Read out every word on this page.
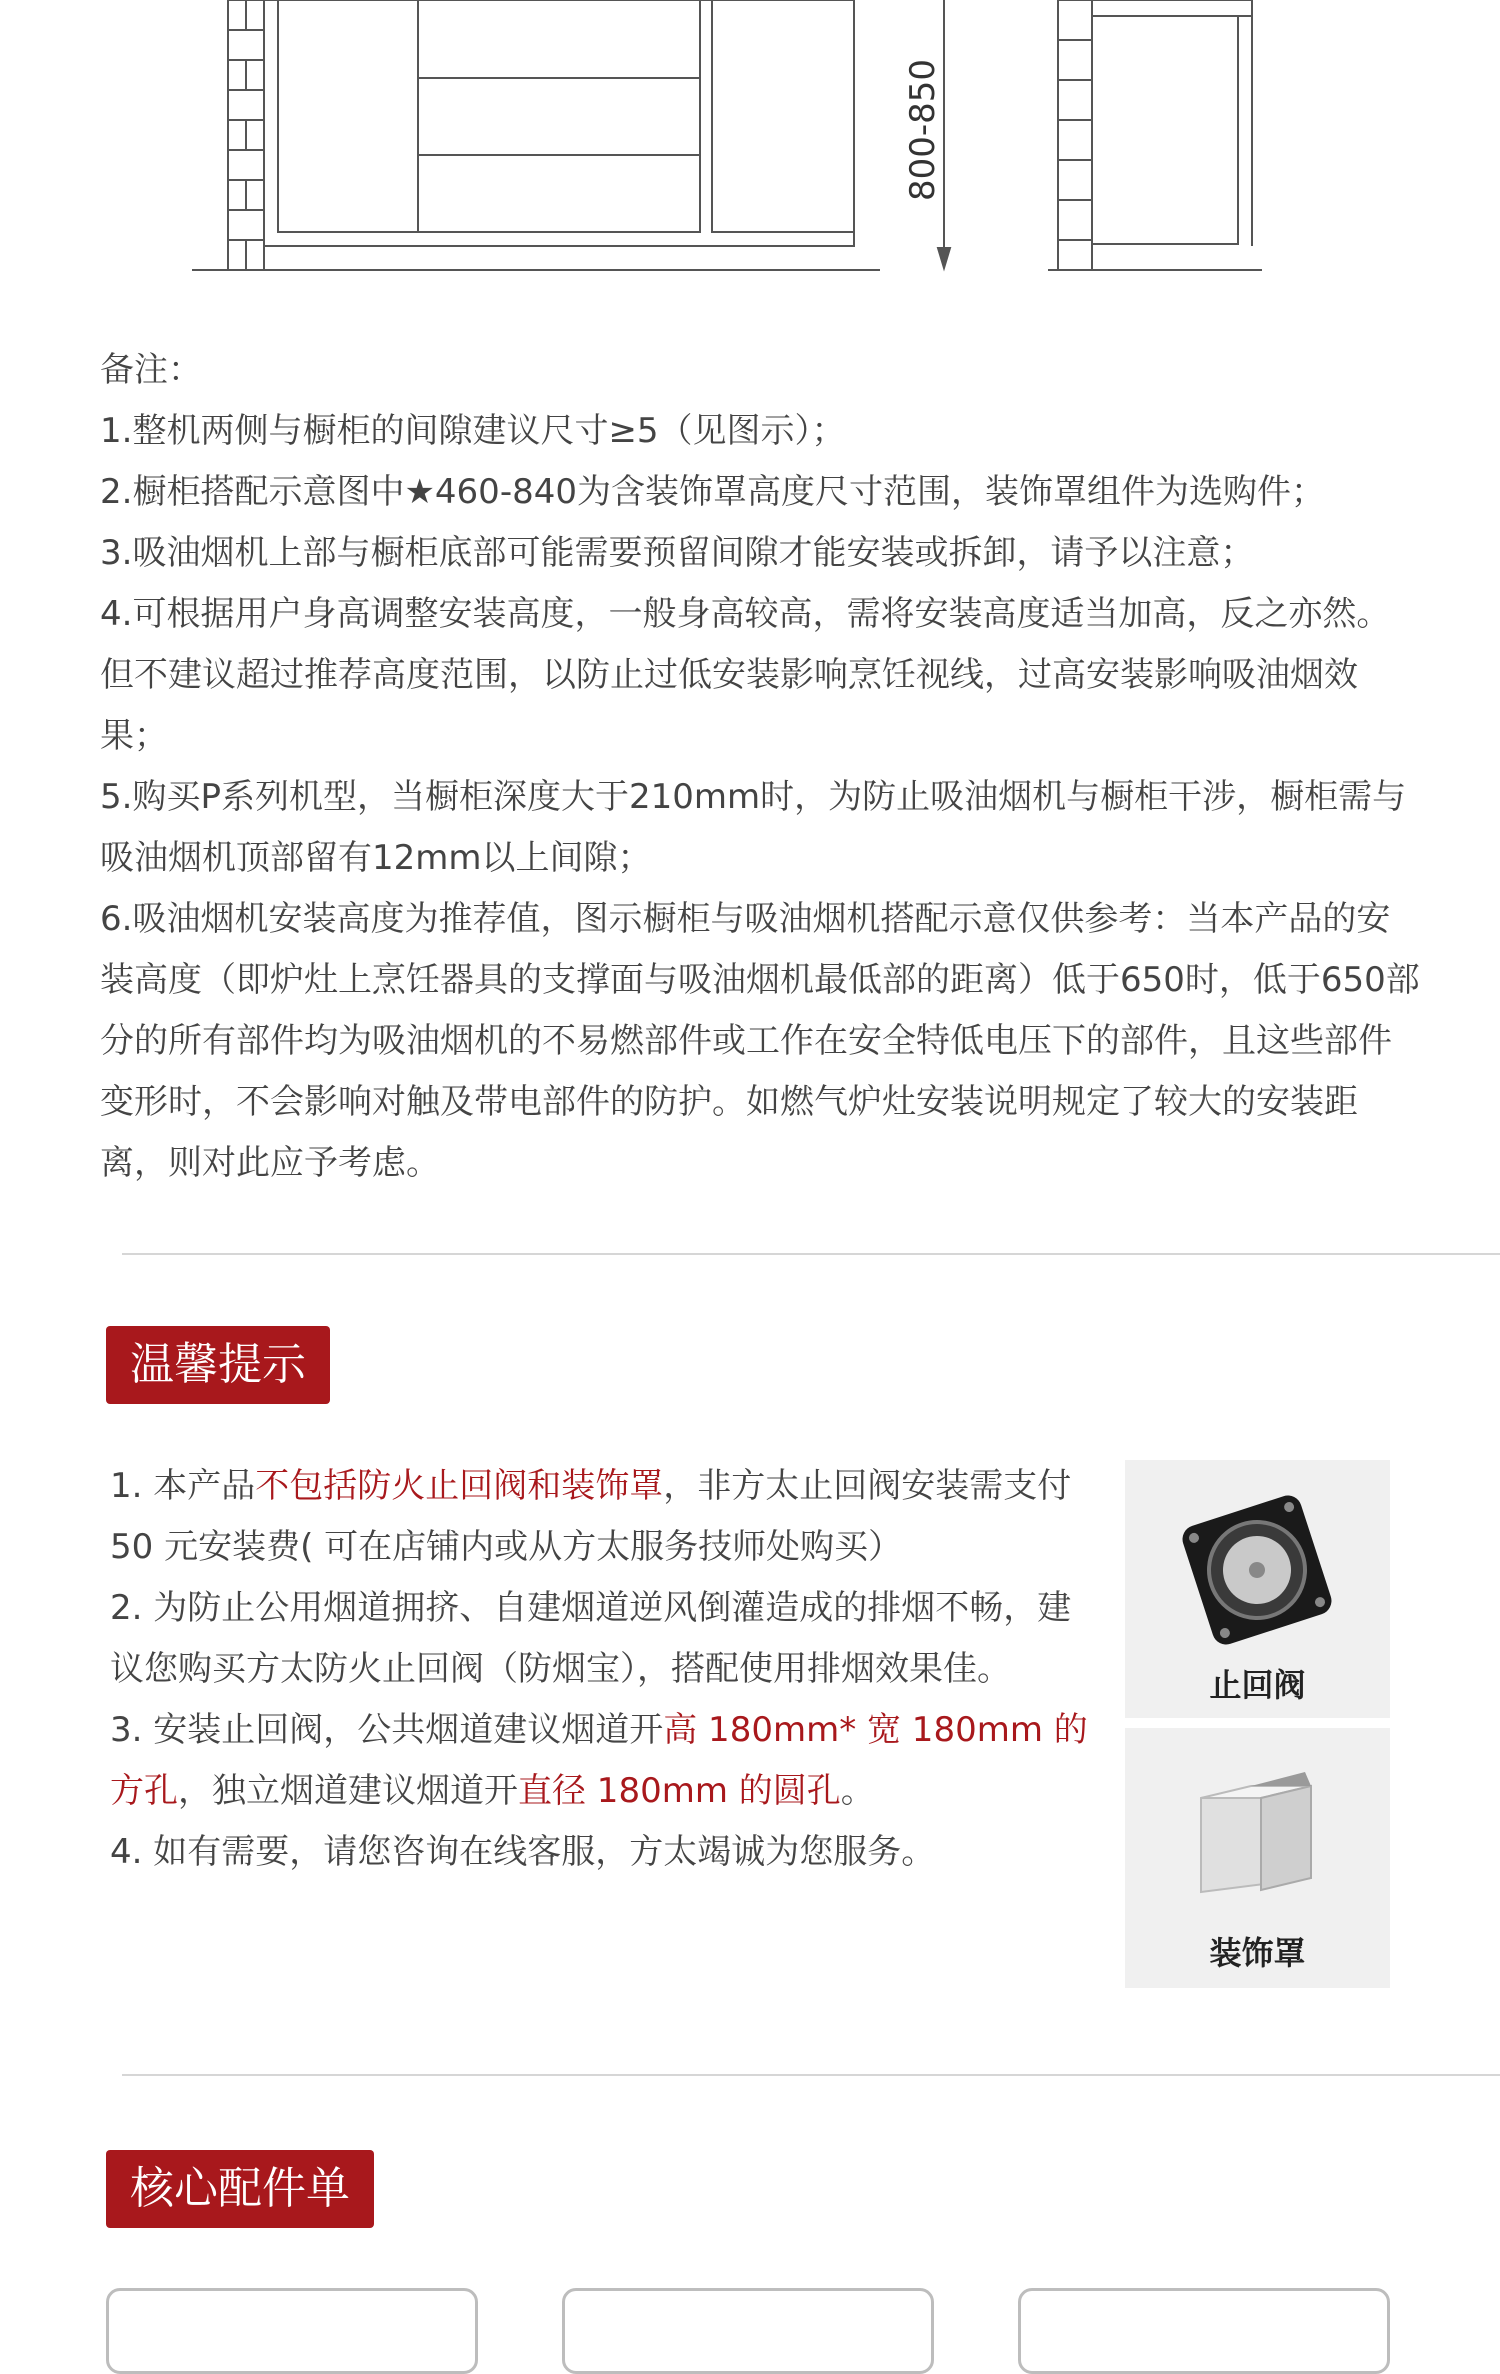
800-850

备注：

1.整机两侧与橱柜的间隙建议尺寸≥5（见图示）；

2.橱柜搭配示意图中★460-840为含装饰罩高度尺寸范围，装饰罩组件为选购件；

3.吸油烟机上部与橱柜底部可能需要预留间隙才能安装或拆卸，请予以注意；

4.可根据用户身高调整安装高度，一般身高较高，需将安装高度适当加高，反之亦然。但不建议超过推荐高度范围，以防止过低安装影响烹饪视线，过高安装影响吸油烟效果；

5.购买P系列机型，当橱柜深度大于210mm时，为防止吸油烟机与橱柜干涉，橱柜需与吸油烟机顶部留有12mm以上间隙；

6.吸油烟机安装高度为推荐值，图示橱柜与吸油烟机搭配示意仅供参考：当本产品的安装高度（即炉灶上烹饪器具的支撑面与吸油烟机最低部的距离）低于650时，低于650部分的所有部件均为吸油烟机的不易燃部件或工作在安全特低电压下的部件，且这些部件变形时，不会影响对触及带电部件的防护。如燃气炉灶安装说明规定了较大的安装距离，则对此应予考虑。

温馨提示

1. 本产品不包括防火止回阀和装饰罩，非方太止回阀安装需支付 50 元安装费( 可在店铺内或从方太服务技师处购买）

2. 为防止公用烟道拥挤、自建烟道逆风倒灌造成的排烟不畅，建议您购买方太防火止回阀（防烟宝），搭配使用排烟效果佳。

3. 安装止回阀，公共烟道建议烟道开高 180mm* 宽 180mm 的方孔，独立烟道建议烟道开直径 180mm 的圆孔。

4. 如有需要，请您咨询在线客服，方太竭诚为您服务。

止回阀
装饰罩
核心配件单
